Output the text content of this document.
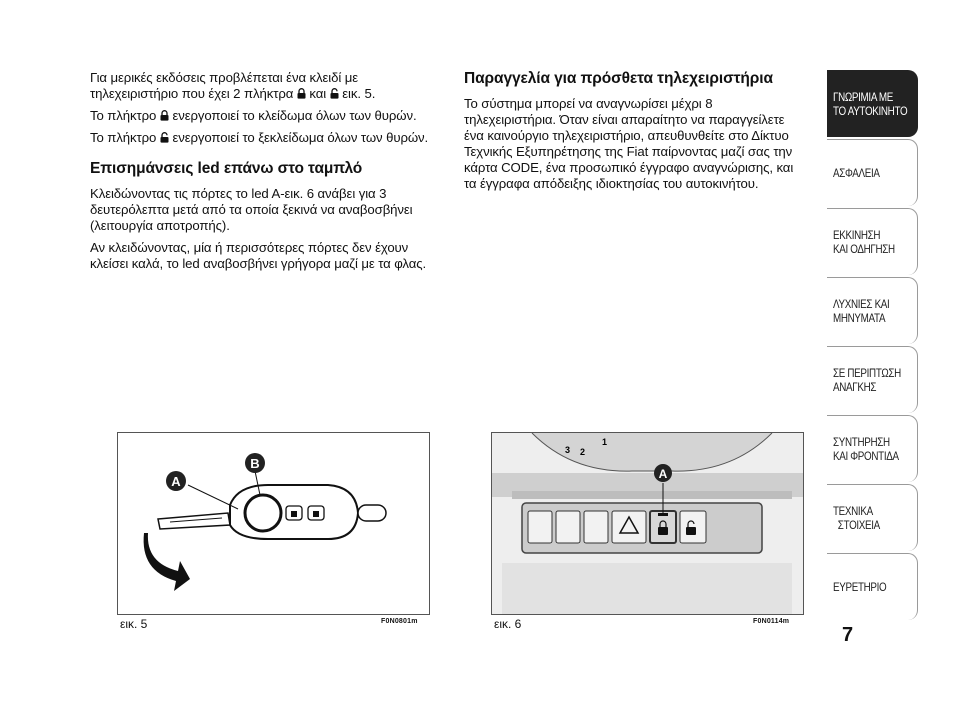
Για μερικές εκδόσεις προβλέπεται ένα κλειδί με τηλεχειριστήριο που έχει 2 πλήκτρα και εικ. 5.

Το πλήκτρο ενεργοποιεί το κλείδωμα όλων των θυρών.

Το πλήκτρο ενεργοποιεί το ξεκλείδωμα όλων των θυρών.

Επισημάνσεις led επάνω στο ταμπλό

Κλειδώνοντας τις πόρτες το led A-εικ. 6 ανάβει για 3 δευτερόλεπτα μετά από τα οποία ξεκινά να αναβοσβήνει (λειτουργία αποτροπής).

Αν κλειδώνοντας, μία ή περισσότερες πόρτες δεν έχουν κλείσει καλά, το led αναβοσβήνει γρήγορα μαζί με τα φλας.

Παραγγελία για πρόσθετα τηλεχειριστήρια

Το σύστημα μπορεί να αναγνωρίσει μέχρι 8 τηλεχειριστήρια. Όταν είναι απαραίτητο να παραγγείλετε ένα καινούργιο τηλεχειριστήριο, απευθυνθείτε στο Δίκτυο Τεχνικής Εξυπηρέτησης της Fiat παίρνοντας μαζί σας την κάρτα CODE, ένα προσωπικό έγγραφο αναγνώρισης, και τα έγγραφα απόδειξης ιδιοκτησίας του αυτοκινήτου.

A
B
εικ. 5	F0N0801m
3 2
1
A
εικ. 6	F0N0114m
ΓΝΩΡΙΜΙΑ ΜΕ
ΤΟ ΑΥΤΟΚΙΝΗΤΟ
ΑΣΦΑΛΕΙΑ
ΕΚΚΙΝΗΣΗ
ΚΑΙ ΟΔΗΓΗΣΗ
ΛΥΧΝΙΕΣ ΚΑΙ
ΜΗΝΥΜΑΤΑ
ΣΕ ΠΕΡΙΠΤΩΣΗ
ΑΝΑΓΚΗΣ
ΣΥΝΤΗΡΗΣΗ
ΚΑΙ ΦΡΟΝΤΙΔΑ
ΤΕΧΝΙΚΑ
ΣΤΟΙΧΕΙΑ
ΕΥΡΕΤΗΡΙΟ
7
